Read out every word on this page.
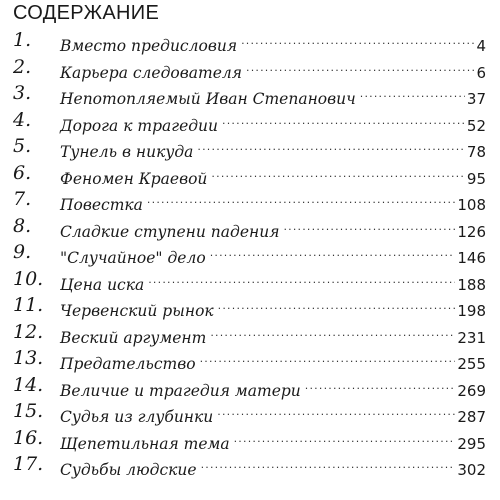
СОДЕРЖАНИЕ
1.	Вместо предисловия .....	4
2.	Карьера следователя .....	6
3.	Непотопляемый Иван Степанович .....	37
4.	Дорога к трагедии .....	52
5.	Тунель в никуда .....	78
6.	Феномен Краевой .....	95
7.	Повестка .....	108
8.	Сладкие ступени падения .....	126
9.	"Случайное" дело .....	146
10.	Цена иска .....	188
11.	Червенский рынок .....	198
12.	Веский аргумент .....	231
13.	Предательство .....	255
14.	Величие и трагедия матери .....	269
15.	Судья из глубинки .....	287
16.	Щепетильная тема .....	295
17.	Судьбы людские .....	302
